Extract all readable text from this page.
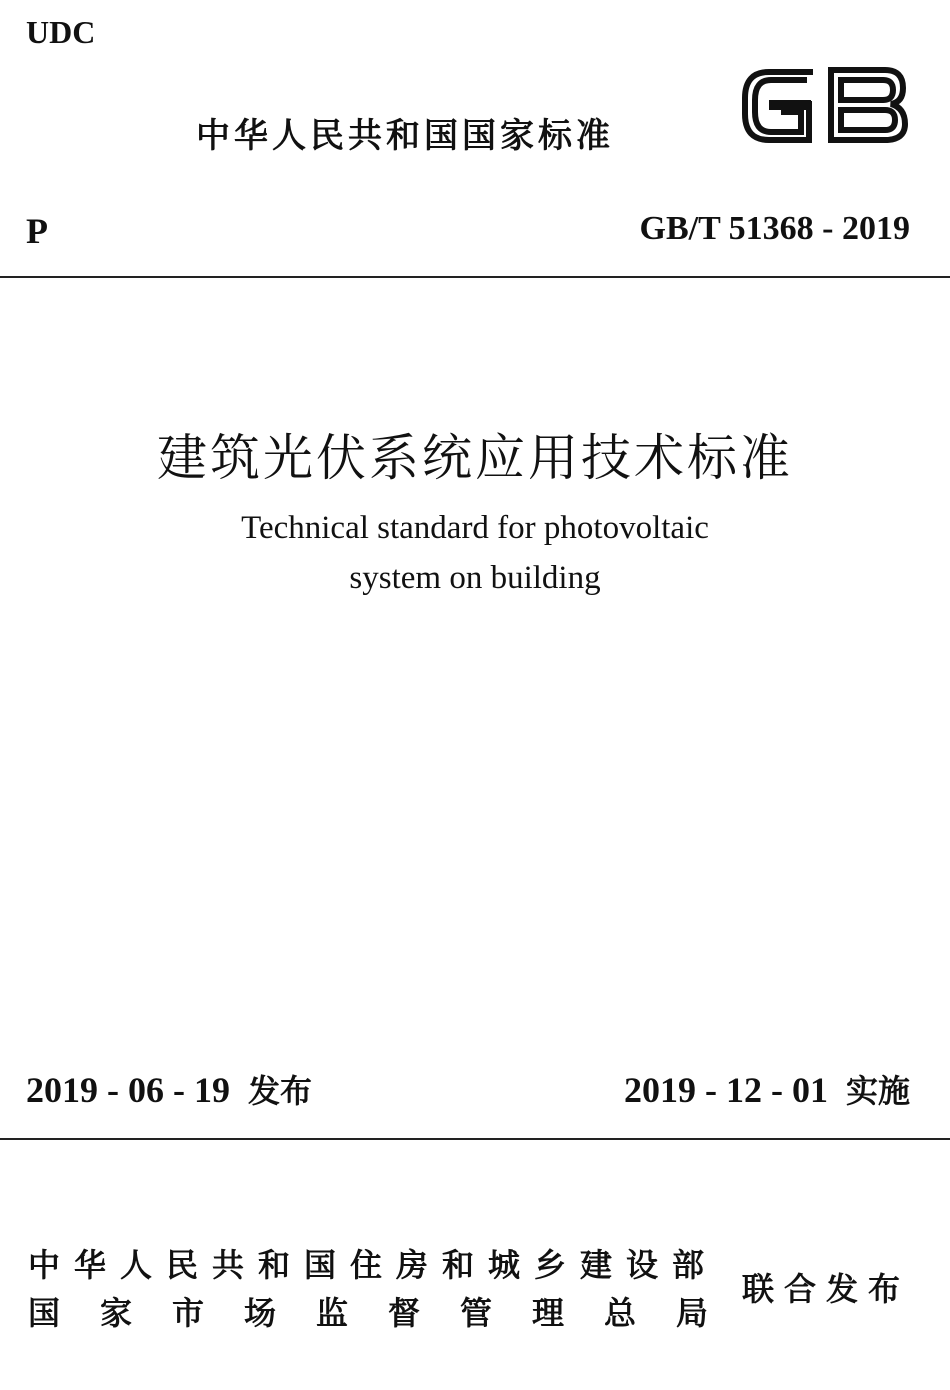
UDC
中华人民共和国国家标准
P	GB/T 51368 - 2019
建筑光伏系统应用技术标准
Technical standard for photovoltaic
system on building
2019 - 06 - 19 发布	2019 - 12 - 01 实施
中华人民共和国住房和城乡建设部
国家市场监督管理总局
联合发布
